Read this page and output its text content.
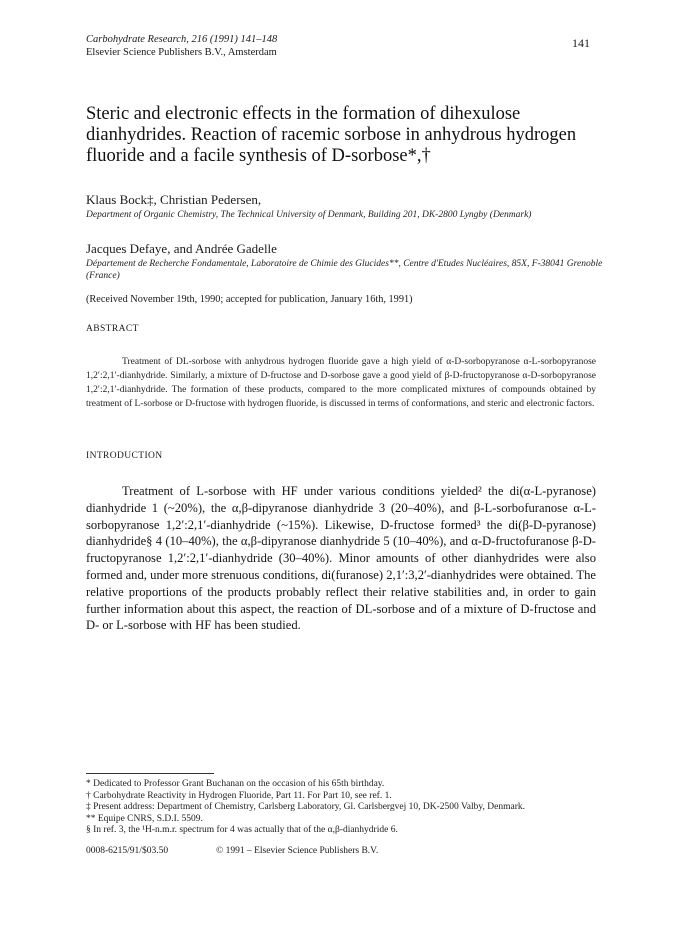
Carbohydrate Research, 216 (1991) 141–148
Elsevier Science Publishers B.V., Amsterdam
141
Steric and electronic effects in the formation of dihexulose dianhydrides. Reaction of racemic sorbose in anhydrous hydrogen fluoride and a facile synthesis of D-sorbose*,†
Klaus Bock‡, Christian Pedersen,
Department of Organic Chemistry, The Technical University of Denmark, Building 201, DK-2800 Lyngby (Denmark)
Jacques Defaye, and Andrée Gadelle
Département de Recherche Fondamentale, Laboratoire de Chimie des Glucides**, Centre d'Etudes Nucléaires, 85X, F-38041 Grenoble (France)
(Received November 19th, 1990; accepted for publication, January 16th, 1991)
ABSTRACT
Treatment of DL-sorbose with anhydrous hydrogen fluoride gave a high yield of α-D-sorbopyranose α-L-sorbopyranose 1,2′:2,1′-dianhydride. Similarly, a mixture of D-fructose and D-sorbose gave a good yield of β-D-fructopyranose α-D-sorbopyranose 1,2′:2,1′-dianhydride. The formation of these products, compared to the more complicated mixtures of compounds obtained by treatment of L-sorbose or D-fructose with hydrogen fluoride, is discussed in terms of conformations, and steric and electronic factors.
INTRODUCTION
Treatment of L-sorbose with HF under various conditions yielded² the di(α-L-pyranose) dianhydride 1 (~20%), the α,β-dipyranose dianhydride 3 (20–40%), and β-L-sorbofuranose α-L-sorbopyranose 1,2′:2,1′-dianhydride (~15%). Likewise, D-fructose formed³ the di(β-D-pyranose) dianhydride§ 4 (10–40%), the α,β-dipyranose dianhydride 5 (10–40%), and α-D-fructofuranose β-D-fructopyranose 1,2′:2,1′-dianhydride (30–40%). Minor amounts of other dianhydrides were also formed and, under more strenuous conditions, di(furanose) 2,1′:3,2′-dianhydrides were obtained. The relative proportions of the products probably reflect their relative stabilities and, in order to gain further information about this aspect, the reaction of DL-sorbose and of a mixture of D-fructose and D- or L-sorbose with HF has been studied.

* Dedicated to Professor Grant Buchanan on the occasion of his 65th birthday.

† Carbohydrate Reactivity in Hydrogen Fluoride, Part 11. For Part 10, see ref. 1.

‡ Present address: Department of Chemistry, Carlsberg Laboratory, Gl. Carlsbergvej 10, DK-2500 Valby, Denmark.

** Equipe CNRS, S.D.I. 5509.

§ In ref. 3, the ¹H-n.m.r. spectrum for 4 was actually that of the α,β-dianhydride 6.

0008-6215/91/$03.50	© 1991 – Elsevier Science Publishers B.V.
